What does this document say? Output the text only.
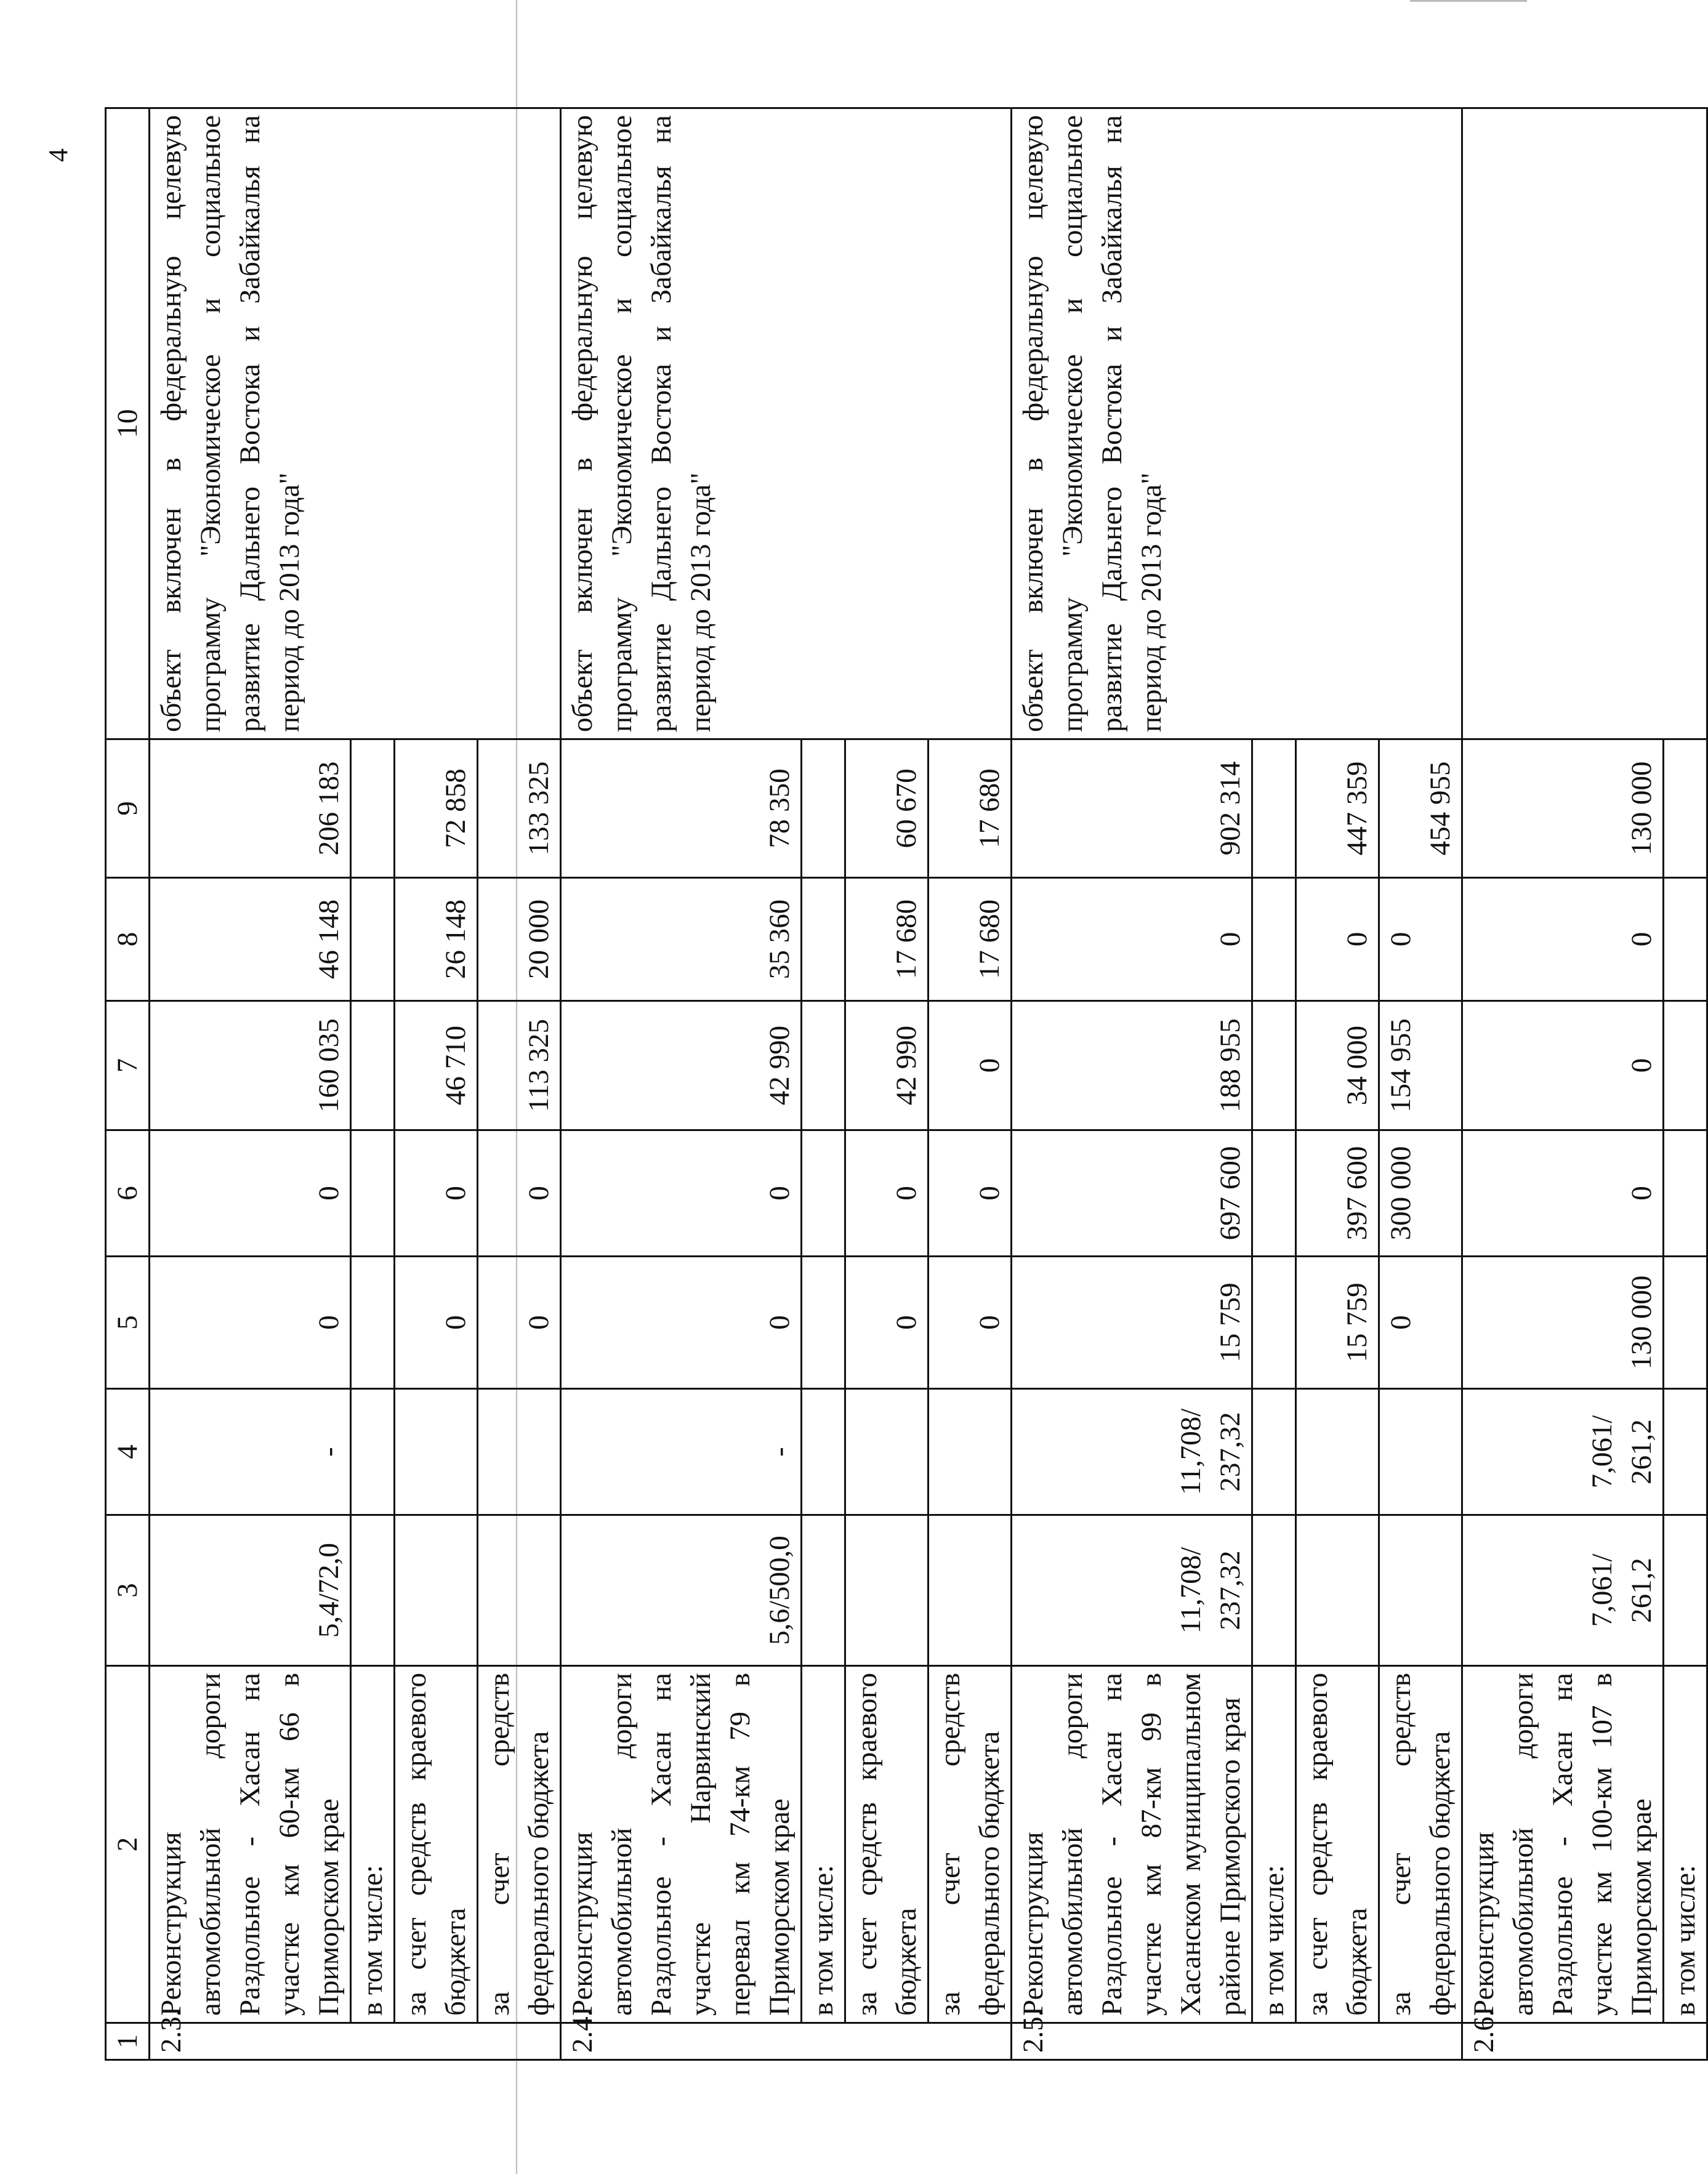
4
1	2	3	4	5	6	7	8	9	10
2.3.	Реконструкция автомобильной дороги Раздольное - Хасан на участке км 60-км 66 в Приморском крае	5,4/72,0	-	0	0	160 035	46 148	206 183	объект включен в федеральную целевую программу "Экономическое и социальное развитие Дальнего Востока и Забайкалья на период до 2013 года"
	в том числе:								
	за счет средств краевого бюджета			0	0	46 710	26 148	72 858	
	за счет средств федерального бюджета			0	0	113 325	20 000	133 325	
2.4.	Реконструкция автомобильной дороги Раздольное - Хасан на участке Нарвинский перевал км 74-км 79 в Приморском крае	5,6/500,0	-	0	0	42 990	35 360	78 350	объект включен в федеральную целевую программу "Экономическое и социальное развитие Дальнего Востока и Забайкалья на период до 2013 года"
	в том числе:								
	за счет средств краевого бюджета			0	0	42 990	17 680	60 670	
	за счет средств федерального бюджета			0	0	0	17 680	17 680	
2.5.	Реконструкция автомобильной дороги Раздольное - Хасан на участке км 87-км 99 в Хасанском муниципальном районе Приморского края	11,708/ 237,32	11,708/ 237,32	15 759	697 600	188 955	0	902 314	объект включен в федеральную целевую программу "Экономическое и социальное развитие Дальнего Востока и Забайкалья на период до 2013 года"
	в том числе:								
	за счет средств краевого бюджета			15 759	397 600	34 000	0	447 359	
	за счет средств федерального бюджета			0	300 000	154 955	0	454 955	
2.6.	Реконструкция автомобильной дороги Раздольное - Хасан на участке км 100-км 107 в Приморском крае	7,061/ 261,2	7,061/ 261,2	130 000	0	0	0	130 000	
	в том числе:								
